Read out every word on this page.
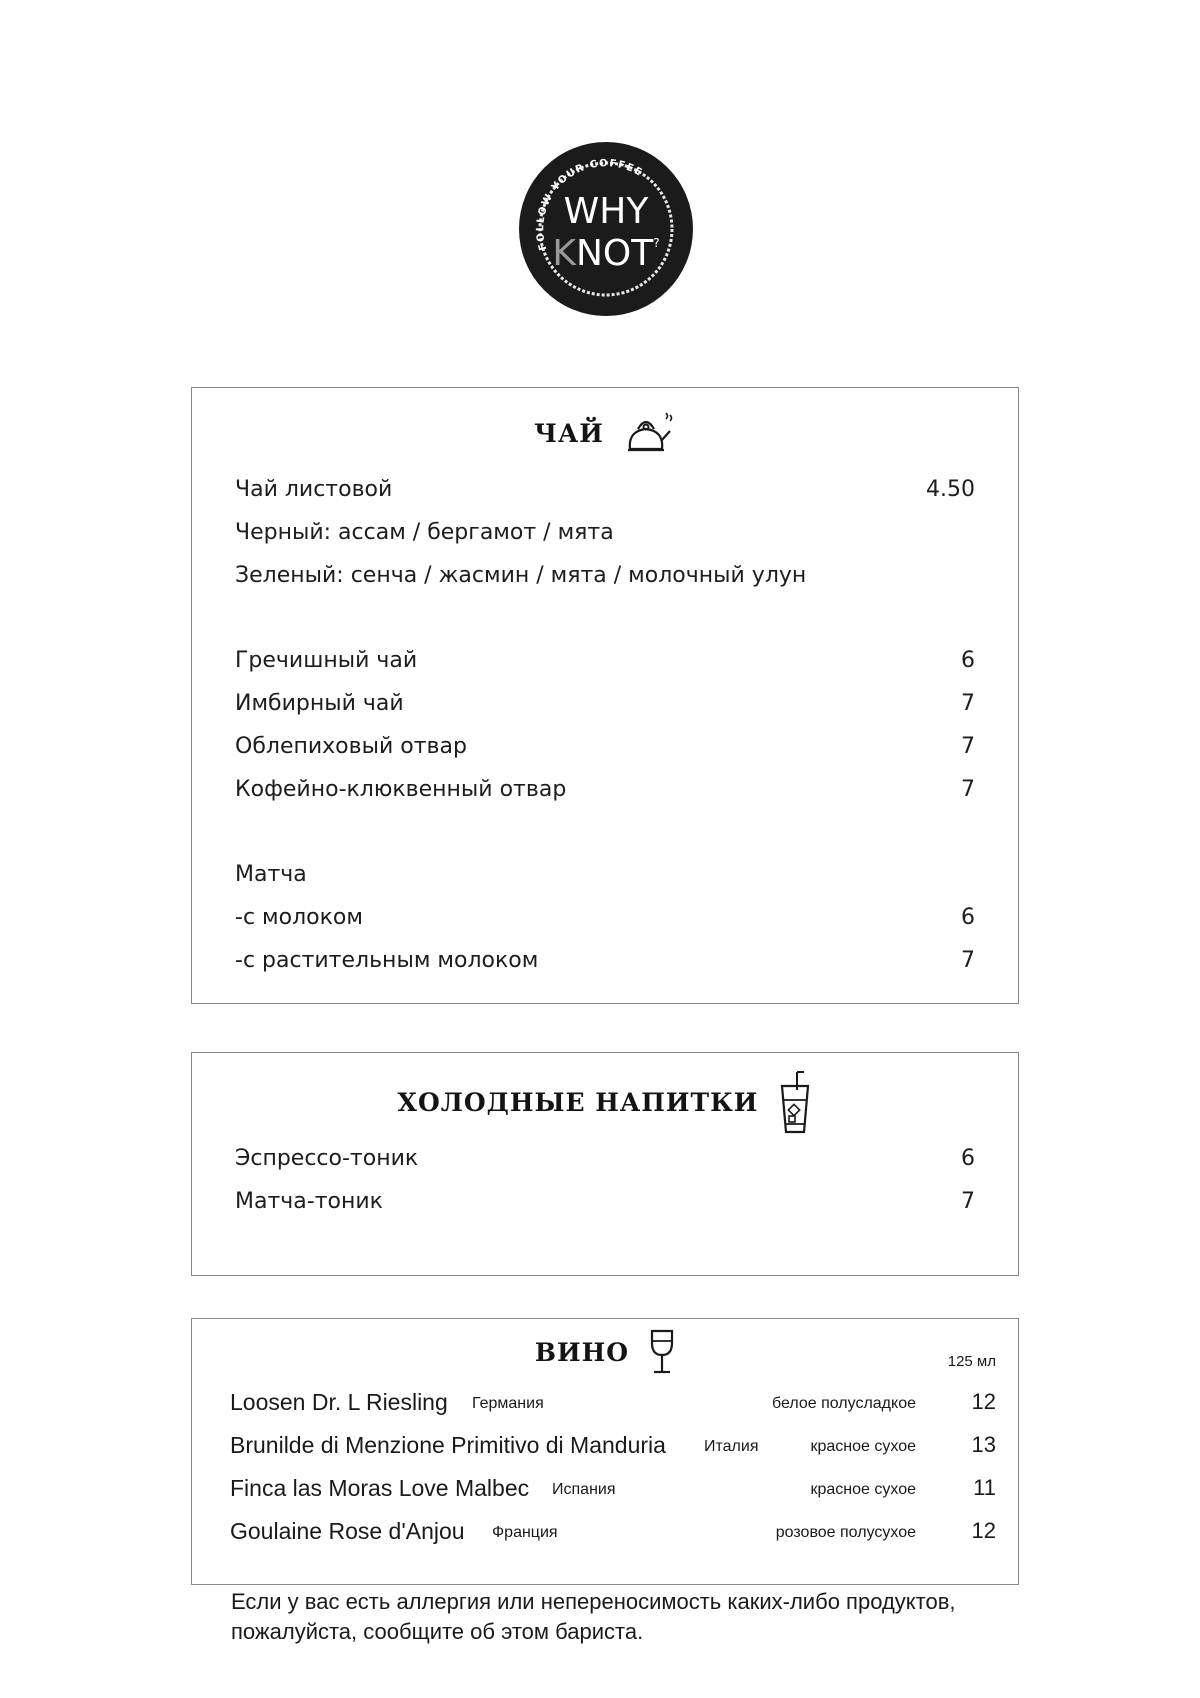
FOLLOW YOUR COFFEE
WHY
KNOT?
ЧАЙ
Чай листовой	4.50
Черный: ассам / бергамот / мята
Зеленый: сенча / жасмин / мята / молочный улун
Гречишный чай	6
Имбирный чай	7
Облепиховый отвар	7
Кофейно-клюквенный отвар	7
Матча
-с молоком	6
-с растительным молоком	7
ХОЛОДНЫЕ НАПИТКИ
Эспрессо-тоник	6
Матча-тоник	7
ВИНО	125 мл
Loosen Dr. L Riesling Германия	белое полусладкое	12
Brunilde di Menzione Primitivo di Manduria Италия	красное сухое	13
Finca las Moras Love Malbec Испания	красное сухое	11
Goulaine Rose d'Anjou Франция	розовое полусухое	12
Если у вас есть аллергия или непереносимость каких-либо продуктов,
пожалуйста, сообщите об этом бариста.
